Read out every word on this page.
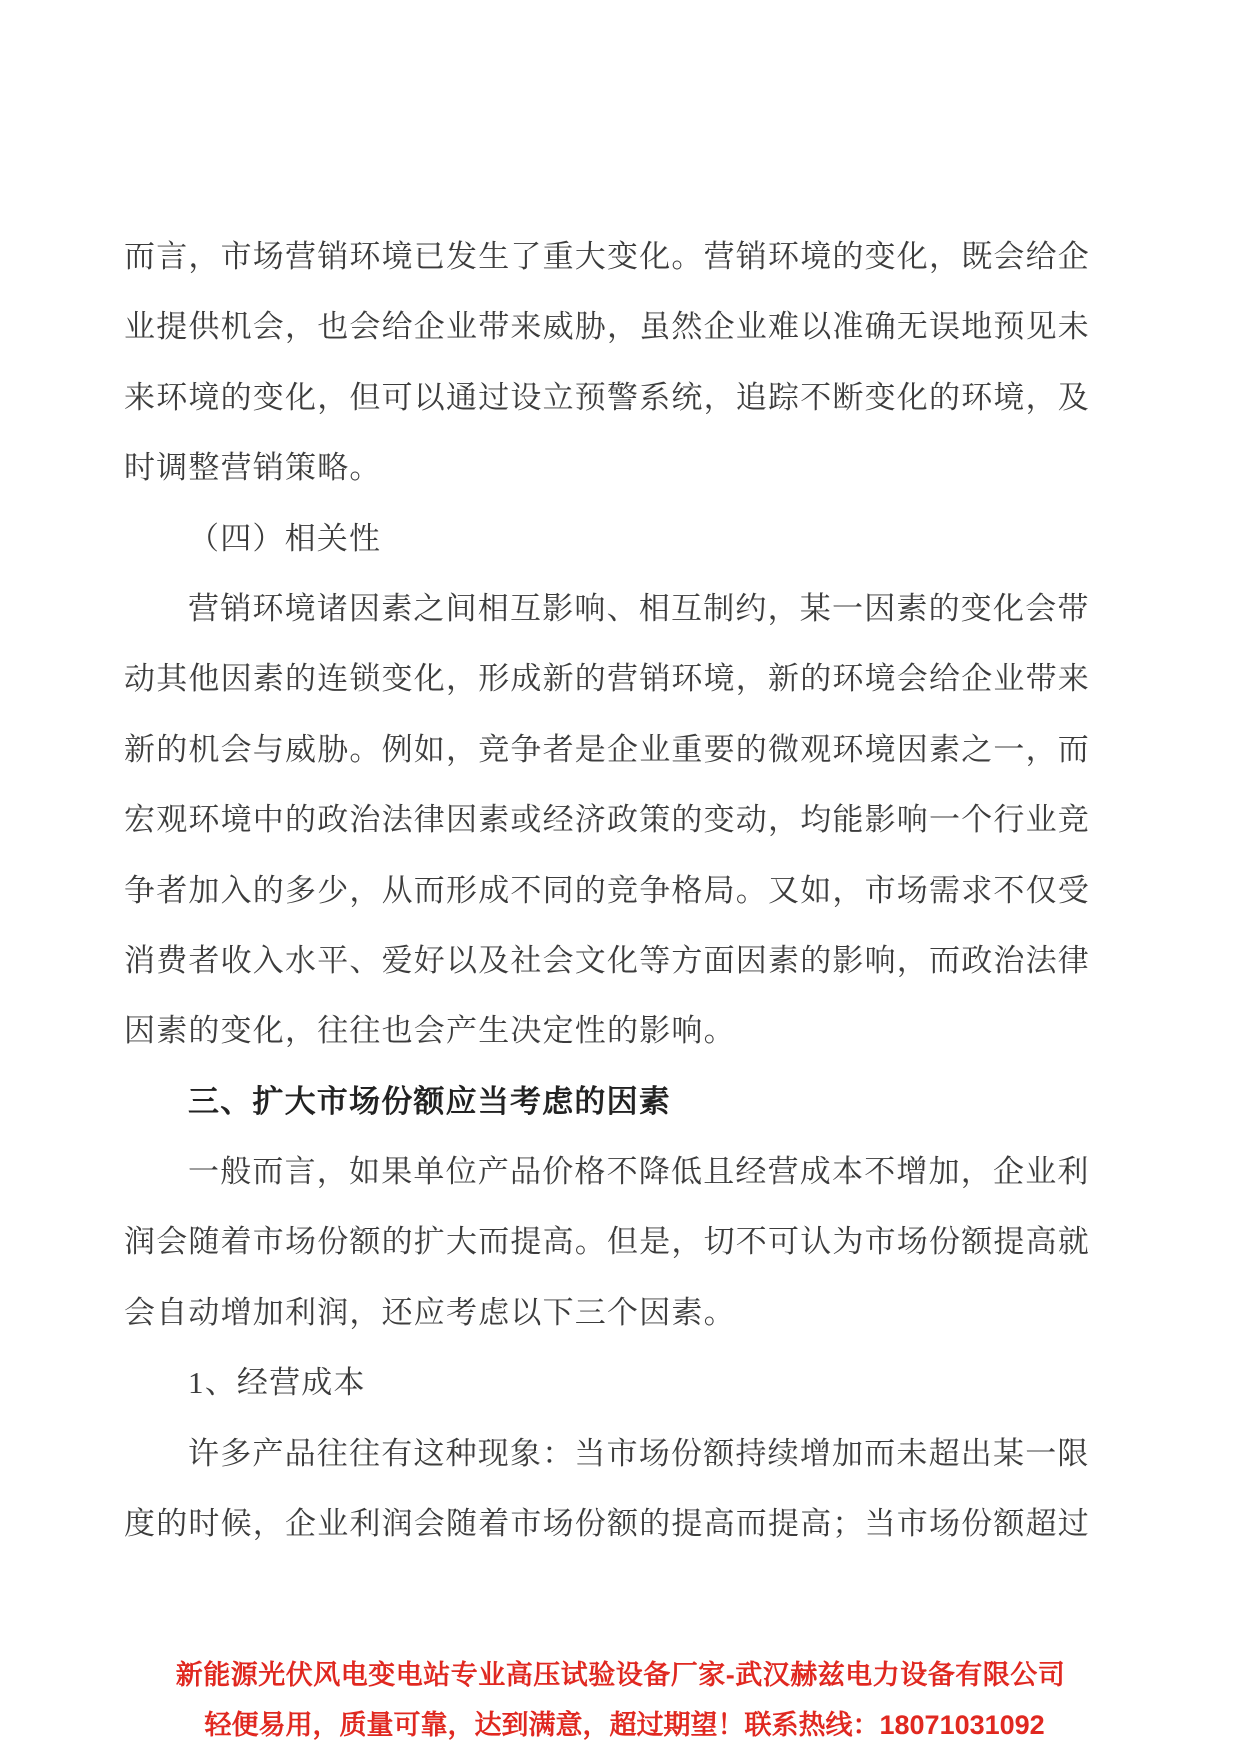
而言，市场营销环境已发生了重大变化。营销环境的变化，既会给企
业提供机会，也会给企业带来威胁，虽然企业难以准确无误地预见未
来环境的变化，但可以通过设立预警系统，追踪不断变化的环境，及
时调整营销策略。
（四）相关性
营销环境诸因素之间相互影响、相互制约，某一因素的变化会带
动其他因素的连锁变化，形成新的营销环境，新的环境会给企业带来
新的机会与威胁。例如，竞争者是企业重要的微观环境因素之一，而
宏观环境中的政治法律因素或经济政策的变动，均能影响一个行业竞
争者加入的多少，从而形成不同的竞争格局。又如，市场需求不仅受
消费者收入水平、爱好以及社会文化等方面因素的影响，而政治法律
因素的变化，往往也会产生决定性的影响。
三、扩大市场份额应当考虑的因素
一般而言，如果单位产品价格不降低且经营成本不增加，企业利
润会随着市场份额的扩大而提高。但是，切不可认为市场份额提高就
会自动增加利润，还应考虑以下三个因素。
1、经营成本
许多产品往往有这种现象：当市场份额持续增加而未超出某一限
度的时候，企业利润会随着市场份额的提高而提高；当市场份额超过
新能源光伏风电变电站专业高压试验设备厂家-武汉赫兹电力设备有限公司
轻便易用，质量可靠，达到满意，超过期望！ 联系热线：18071031092
